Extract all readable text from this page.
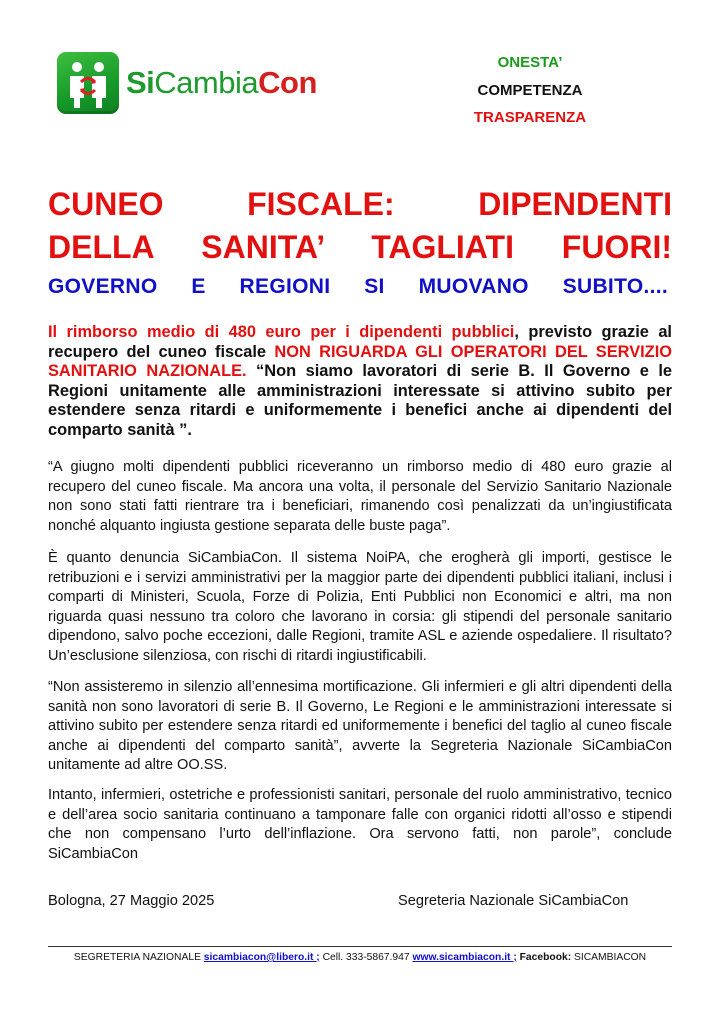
SiCambiaCon
ONESTA’
COMPETENZA
TRASPARENZA
CUNEO FISCALE: DIPENDENTI
DELLA SANITA’ TAGLIATI FUORI!
GOVERNO E REGIONI SI MUOVANO SUBITO....
Il rimborso medio di 480 euro per i dipendenti pubblici, previsto grazie al recupero del cuneo fiscale NON RIGUARDA GLI OPERATORI DEL SERVIZIO SANITARIO NAZIONALE. “Non siamo lavoratori di serie B. Il Governo e le Regioni unitamente alle amministrazioni interessate si attivino subito per estendere senza ritardi e uniformemente i benefici anche ai dipendenti del comparto sanità ”.
“A giugno molti dipendenti pubblici riceveranno un rimborso medio di 480 euro grazie al recupero del cuneo fiscale. Ma ancora una volta, il personale del Servizio Sanitario Nazionale non sono stati fatti rientrare tra i beneficiari, rimanendo così penalizzati da un’ingiustificata nonché alquanto ingiusta gestione separata delle buste paga”.
È quanto denuncia SiCambiaCon. Il sistema NoiPA, che erogherà gli importi, gestisce le retribuzioni e i servizi amministrativi per la maggior parte dei dipendenti pubblici italiani, inclusi i comparti di Ministeri, Scuola, Forze di Polizia, Enti Pubblici non Economici e altri, ma non riguarda quasi nessuno tra coloro che lavorano in corsia: gli stipendi del personale sanitario dipendono, salvo poche eccezioni, dalle Regioni, tramite ASL e aziende ospedaliere. Il risultato? Un’esclusione silenziosa, con rischi di ritardi ingiustificabili.
“Non assisteremo in silenzio all’ennesima mortificazione. Gli infermieri e gli altri dipendenti della sanità non sono lavoratori di serie B. Il Governo, Le Regioni e le amministrazioni interessate si attivino subito per estendere senza ritardi ed uniformemente i benefici del taglio al cuneo fiscale anche ai dipendenti del comparto sanità”, avverte la Segreteria Nazionale SiCambiaCon unitamente ad altre OO.SS.
Intanto, infermieri, ostetriche e professionisti sanitari, personale del ruolo amministrativo, tecnico e dell’area socio sanitaria continuano a tamponare falle con organici ridotti all’osso e stipendi che non compensano l’urto dell’inflazione. Ora servono fatti, non parole”, conclude SiCambiaCon
Bologna, 27 Maggio 2025	Segreteria Nazionale SiCambiaCon
SEGRETERIA NAZIONALE sicambiacon@libero.it ; Cell. 333-5867.947 www.sicambiacon.it ; Facebook: SICAMBIACON
